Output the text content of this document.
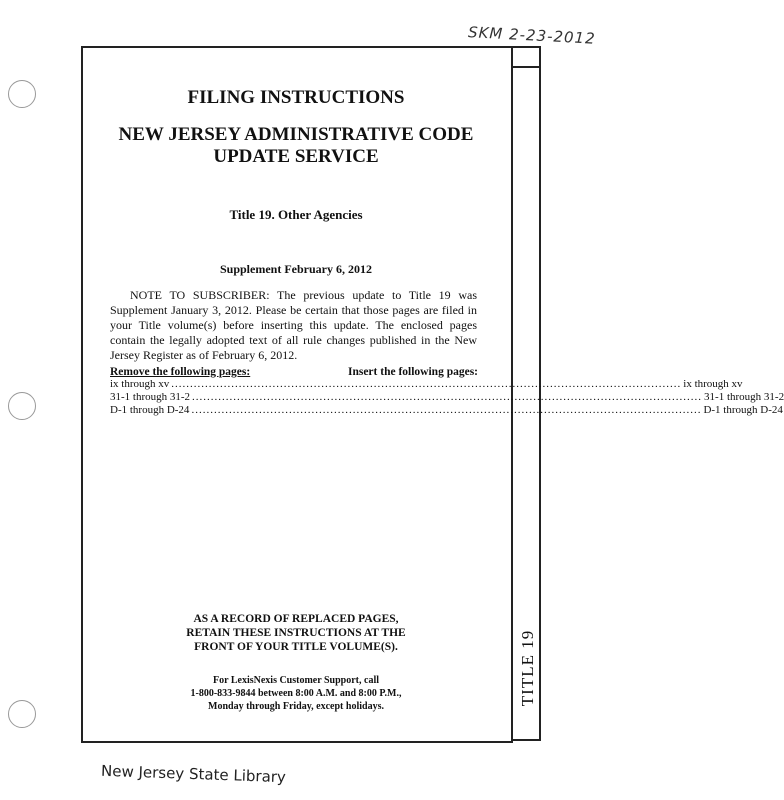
SKM 2-23-2012
TITLE 19
FILING INSTRUCTIONS
NEW JERSEY ADMINISTRATIVE CODE
UPDATE SERVICE
Title 19. Other Agencies
Supplement February 6, 2012
NOTE TO SUBSCRIBER: The previous update to Title 19 was Supplement January 3, 2012. Please be certain that those pages are filed in your Title volume(s) before inserting this update. The enclosed pages contain the legally adopted text of all rule changes published in the New Jersey Register as of February 6, 2012.
Remove the following pages:	Insert the following pages:
ix through xv ........................................................................................................................................ ix through xv
31-1 through 31-2 ........................................................................................................................................ 31-1 through 31-2
D-1 through D-24 ........................................................................................................................................ D-1 through D-24
AS A RECORD OF REPLACED PAGES,
RETAIN THESE INSTRUCTIONS AT THE
FRONT OF YOUR TITLE VOLUME(S).
For LexisNexis Customer Support, call
1-800-833-9844 between 8:00 A.M. and 8:00 P.M.,
Monday through Friday, except holidays.
New Jersey State Library
